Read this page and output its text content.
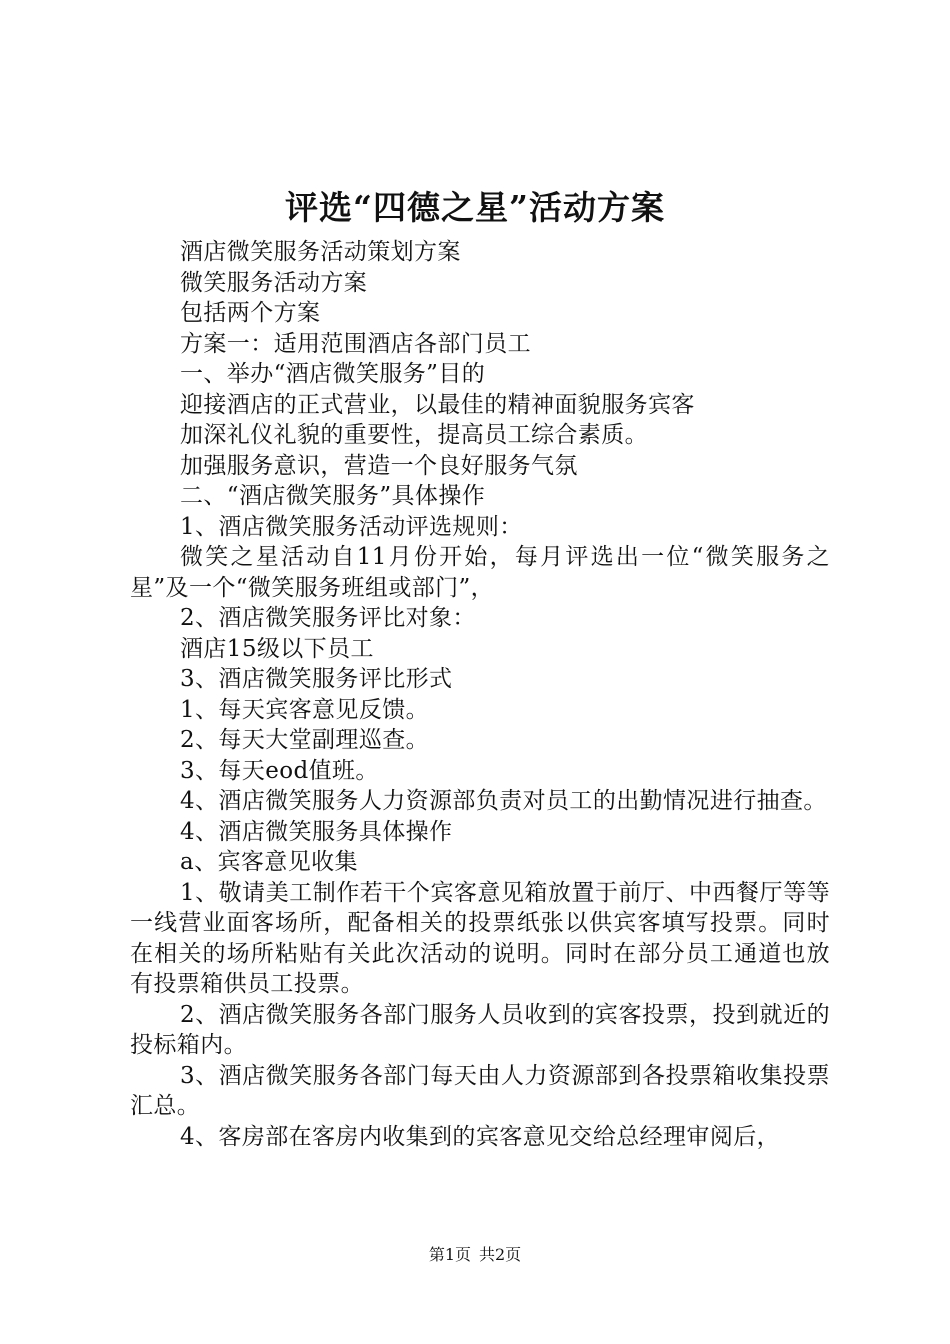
评选“四德之星”活动方案

酒店微笑服务活动策划方案

微笑服务活动方案

包括两个方案

方案一：适用范围酒店各部门员工

一、举办“酒店微笑服务”目的

迎接酒店的正式营业，以最佳的精神面貌服务宾客

加深礼仪礼貌的重要性，提高员工综合素质。

加强服务意识，营造一个良好服务气氛

二、“酒店微笑服务”具体操作

1、酒店微笑服务活动评选规则：

微笑之星活动自11月份开始，每月评选出一位“微笑服务之星”及一个“微笑服务班组或部门”，

2、酒店微笑服务评比对象：

酒店15级以下员工

3、酒店微笑服务评比形式

1、每天宾客意见反馈。

2、每天大堂副理巡查。

3、每天eod值班。

4、酒店微笑服务人力资源部负责对员工的出勤情况进行抽查。

4、酒店微笑服务具体操作

a、宾客意见收集

1、敬请美工制作若干个宾客意见箱放置于前厅、中西餐厅等等一线营业面客场所，配备相关的投票纸张以供宾客填写投票。同时在相关的场所粘贴有关此次活动的说明。同时在部分员工通道也放有投票箱供员工投票。

2、酒店微笑服务各部门服务人员收到的宾客投票，投到就近的投标箱内。

3、酒店微笑服务各部门每天由人力资源部到各投票箱收集投票汇总。

4、客房部在客房内收集到的宾客意见交给总经理审阅后，

第1页 共2页
